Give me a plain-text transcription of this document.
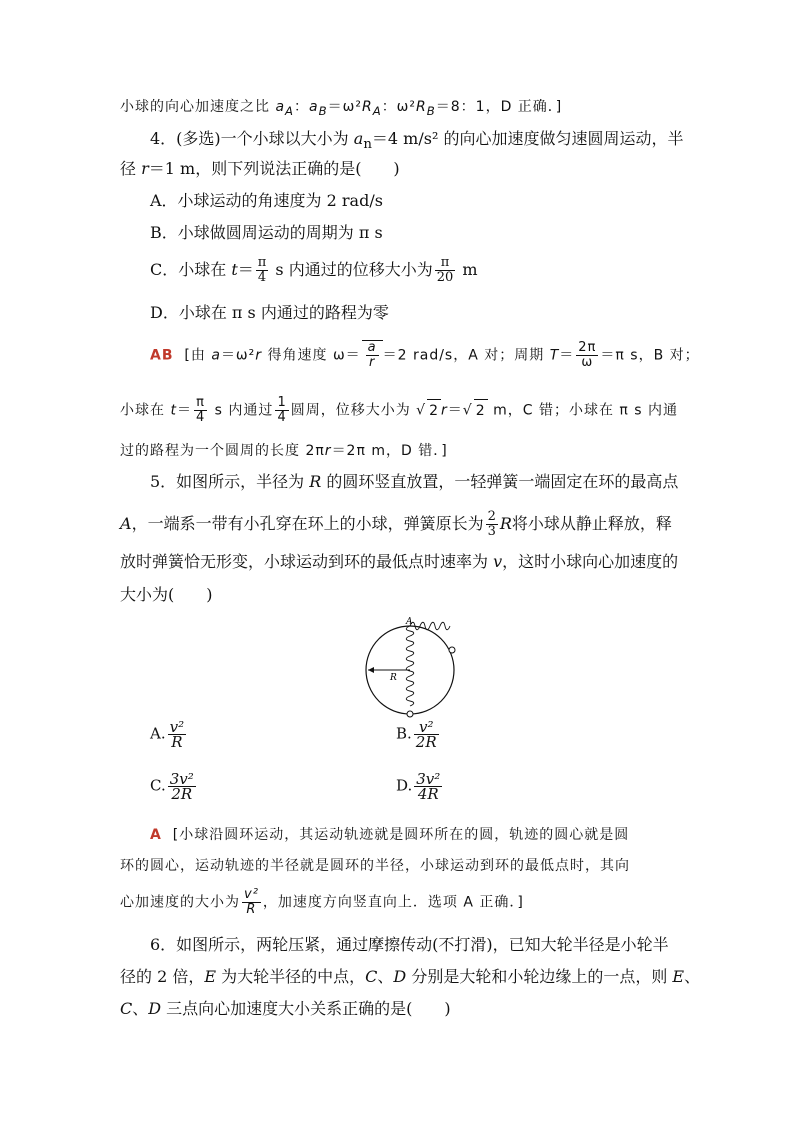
小球的向心加速度之比 $a_A$：$a_B=\omega^2R_A$：$\omega^2R_B=8$：1，D 正确．]
4．(多选)一个小球以大小为 $a_n=4$ m/s² 的向心加速度做匀速圆周运动，半
径 r＝1 m，则下列说法正确的是(　　)
A．小球运动的角速度为 2 rad/s
B．小球做圆周运动的周期为 π s
C．小球在 $t= \frac{\pi}{4}$ s 内通过的位移大小为 $\frac{\pi}{20}$ m
D．小球在 π s 内通过的路程为零
AB [由 a＝ω²r 得角速度 $\omega= \frac{a}{r} =2$ rad/s，A 对；周期 $T= \frac{2\pi}{\omega} =\pi$ s，B 对；
小球在 $t= \frac{\pi}{4}$ s 内通过 $\frac{1}{4}$ 圆周，位移大小为 √ 2 r＝√ 2 m，C 错；小球在 π s 内通
过的路程为一个圆周的长度 2πr＝2π m，D 错．]
5．如图所示，半径为 R 的圆环竖直放置，一轻弹簧一端固定在环的最高点
A，一端系一带有小孔穿在环上的小球，弹簧原长为 $\frac{2}{3}$ R将小球从静止释放，释
放时弹簧恰无形变，小球运动到环的最低点时速率为 v，这时小球向心加速度的
大小为(　　)
A
R
A. $\frac{\text{v²}}{R}$	B. $\frac{\text{v²}}{2R}$
C. $\frac{\text{3v²}}{2R}$	D. $\frac{\text{3v²}}{4R}$
A [小球沿圆环运动，其运动轨迹就是圆环所在的圆，轨迹的圆心就是圆
环的圆心，运动轨迹的半径就是圆环的半径，小球运动到环的最低点时，其向
心加速度的大小为 $\frac{\text{v²}}{R}$ ，加速度方向竖直向上．选项 A 正确．]
6．如图所示，两轮压紧，通过摩擦传动(不打滑)，已知大轮半径是小轮半
径的 2 倍，E 为大轮半径的中点，C、D 分别是大轮和小轮边缘上的一点，则 E、
C、D 三点向心加速度大小关系正确的是(　　)
